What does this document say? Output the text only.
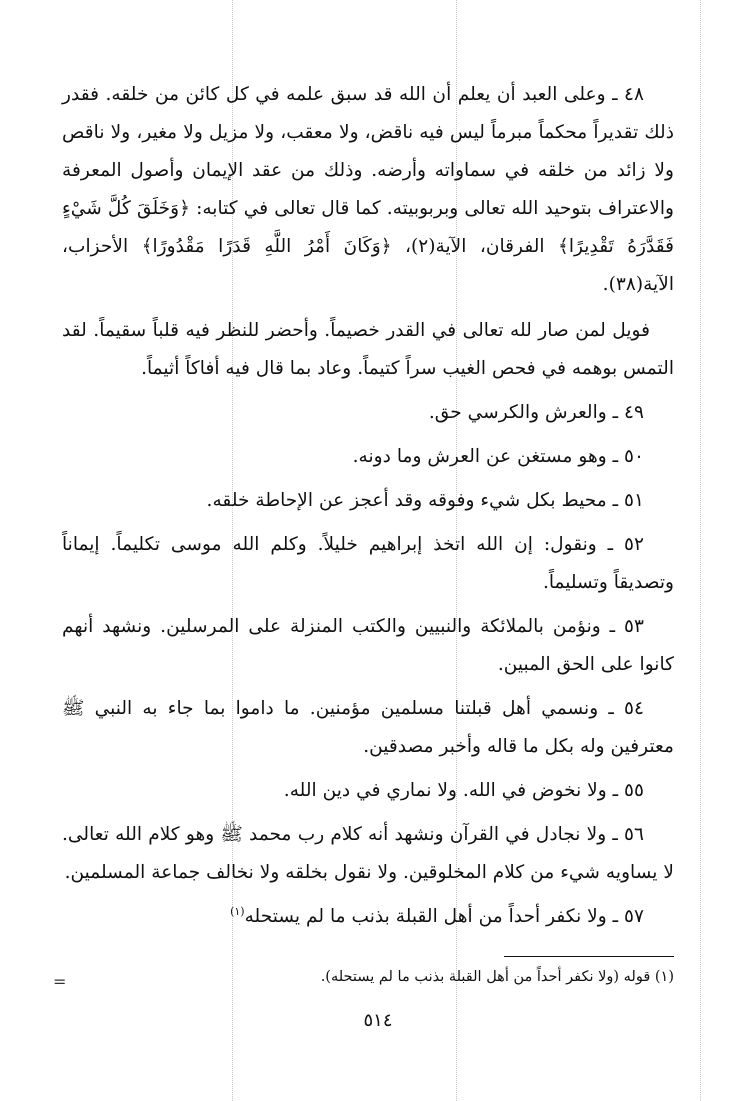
٤٨ ـ وعلى العبد أن يعلم أن الله قد سبق علمه في كل كائن من خلقه. فقدر ذلك تقديراً محكماً مبرماً ليس فيه ناقض، ولا معقب، ولا مزيل ولا مغير، ولا ناقص ولا زائد من خلقه في سماواته وأرضه. وذلك من عقد الإيمان وأصول المعرفة والاعتراف بتوحيد الله تعالى وبربوبيته. كما قال تعالى في كتابه: ﴿وَخَلَقَ كُلَّ شَيْءٍ فَقَدَّرَهُ تَقْدِيرًا﴾ الفرقان، الآية(٢)، ﴿وَكَانَ أَمْرُ اللَّهِ قَدَرًا مَقْدُورًا﴾ الأحزاب، الآية(٣٨).

فويل لمن صار لله تعالى في القدر خصيماً. وأحضر للنظر فيه قلباً سقيماً. لقد التمس بوهمه في فحص الغيب سراً كتيماً. وعاد بما قال فيه أفاكاً أثيماً.

٤٩ ـ والعرش والكرسي حق.

٥٠ ـ وهو مستغن عن العرش وما دونه.

٥١ ـ محيط بكل شيء وفوقه وقد أعجز عن الإحاطة خلقه.

٥٢ ـ ونقول: إن الله اتخذ إبراهيم خليلاً. وكلم الله موسى تكليماً. إيماناً وتصديقاً وتسليماً.

٥٣ ـ ونؤمن بالملائكة والنبيين والكتب المنزلة على المرسلين. ونشهد أنهم كانوا على الحق المبين.

٥٤ ـ ونسمي أهل قبلتنا مسلمين مؤمنين. ما داموا بما جاء به النبي ﷺ معترفين وله بكل ما قاله وأخبر مصدقين.

٥٥ ـ ولا نخوض في الله. ولا نماري في دين الله.

٥٦ ـ ولا نجادل في القرآن ونشهد أنه كلام رب محمد ﷺ وهو كلام الله تعالى. لا يساويه شيء من كلام المخلوقين. ولا نقول بخلقه ولا نخالف جماعة المسلمين.

٥٧ ـ ولا نكفر أحداً من أهل القبلة بذنب ما لم يستحله$^{(١)}$

(١) قوله (ولا نكفر أحداً من أهل القبلة بذنب ما لم يستحله).
=
٥١٤
